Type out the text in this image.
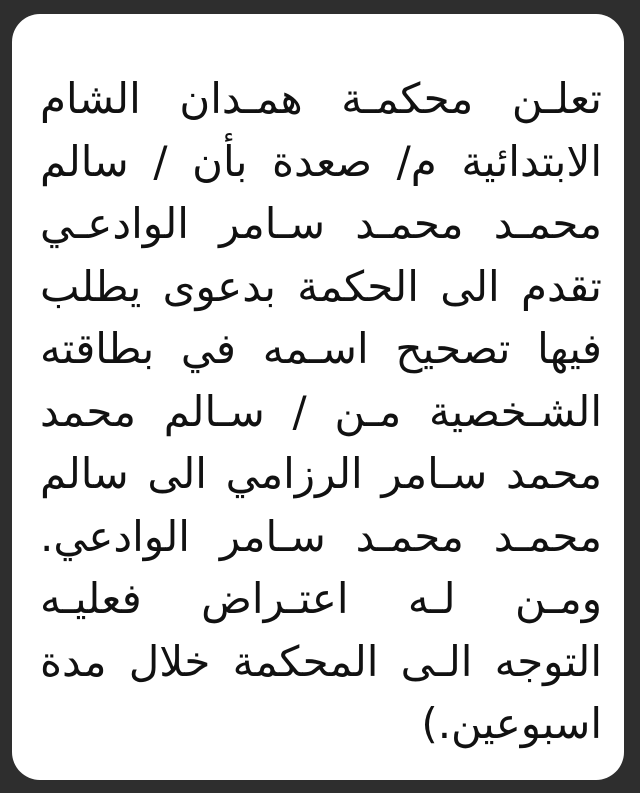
تعلـن محكمـة همـدان الشام
الابتدائية م/ صعدة بأن / سالم
محمـد محمـد سـامر الوادعـي
تقدم الى الحكمة بدعوى يطلب
فيها تصحيح اسـمه في بطاقته
الشـخصية مـن / سـالم محمد
محمد سـامر الرزامي الى سالم
محمـد محمـد سـامر الوادعي.
ومـن لـه اعتـراض فعليـه
التوجه الـى المحكمة خلال مدة
اسبوعين.)
